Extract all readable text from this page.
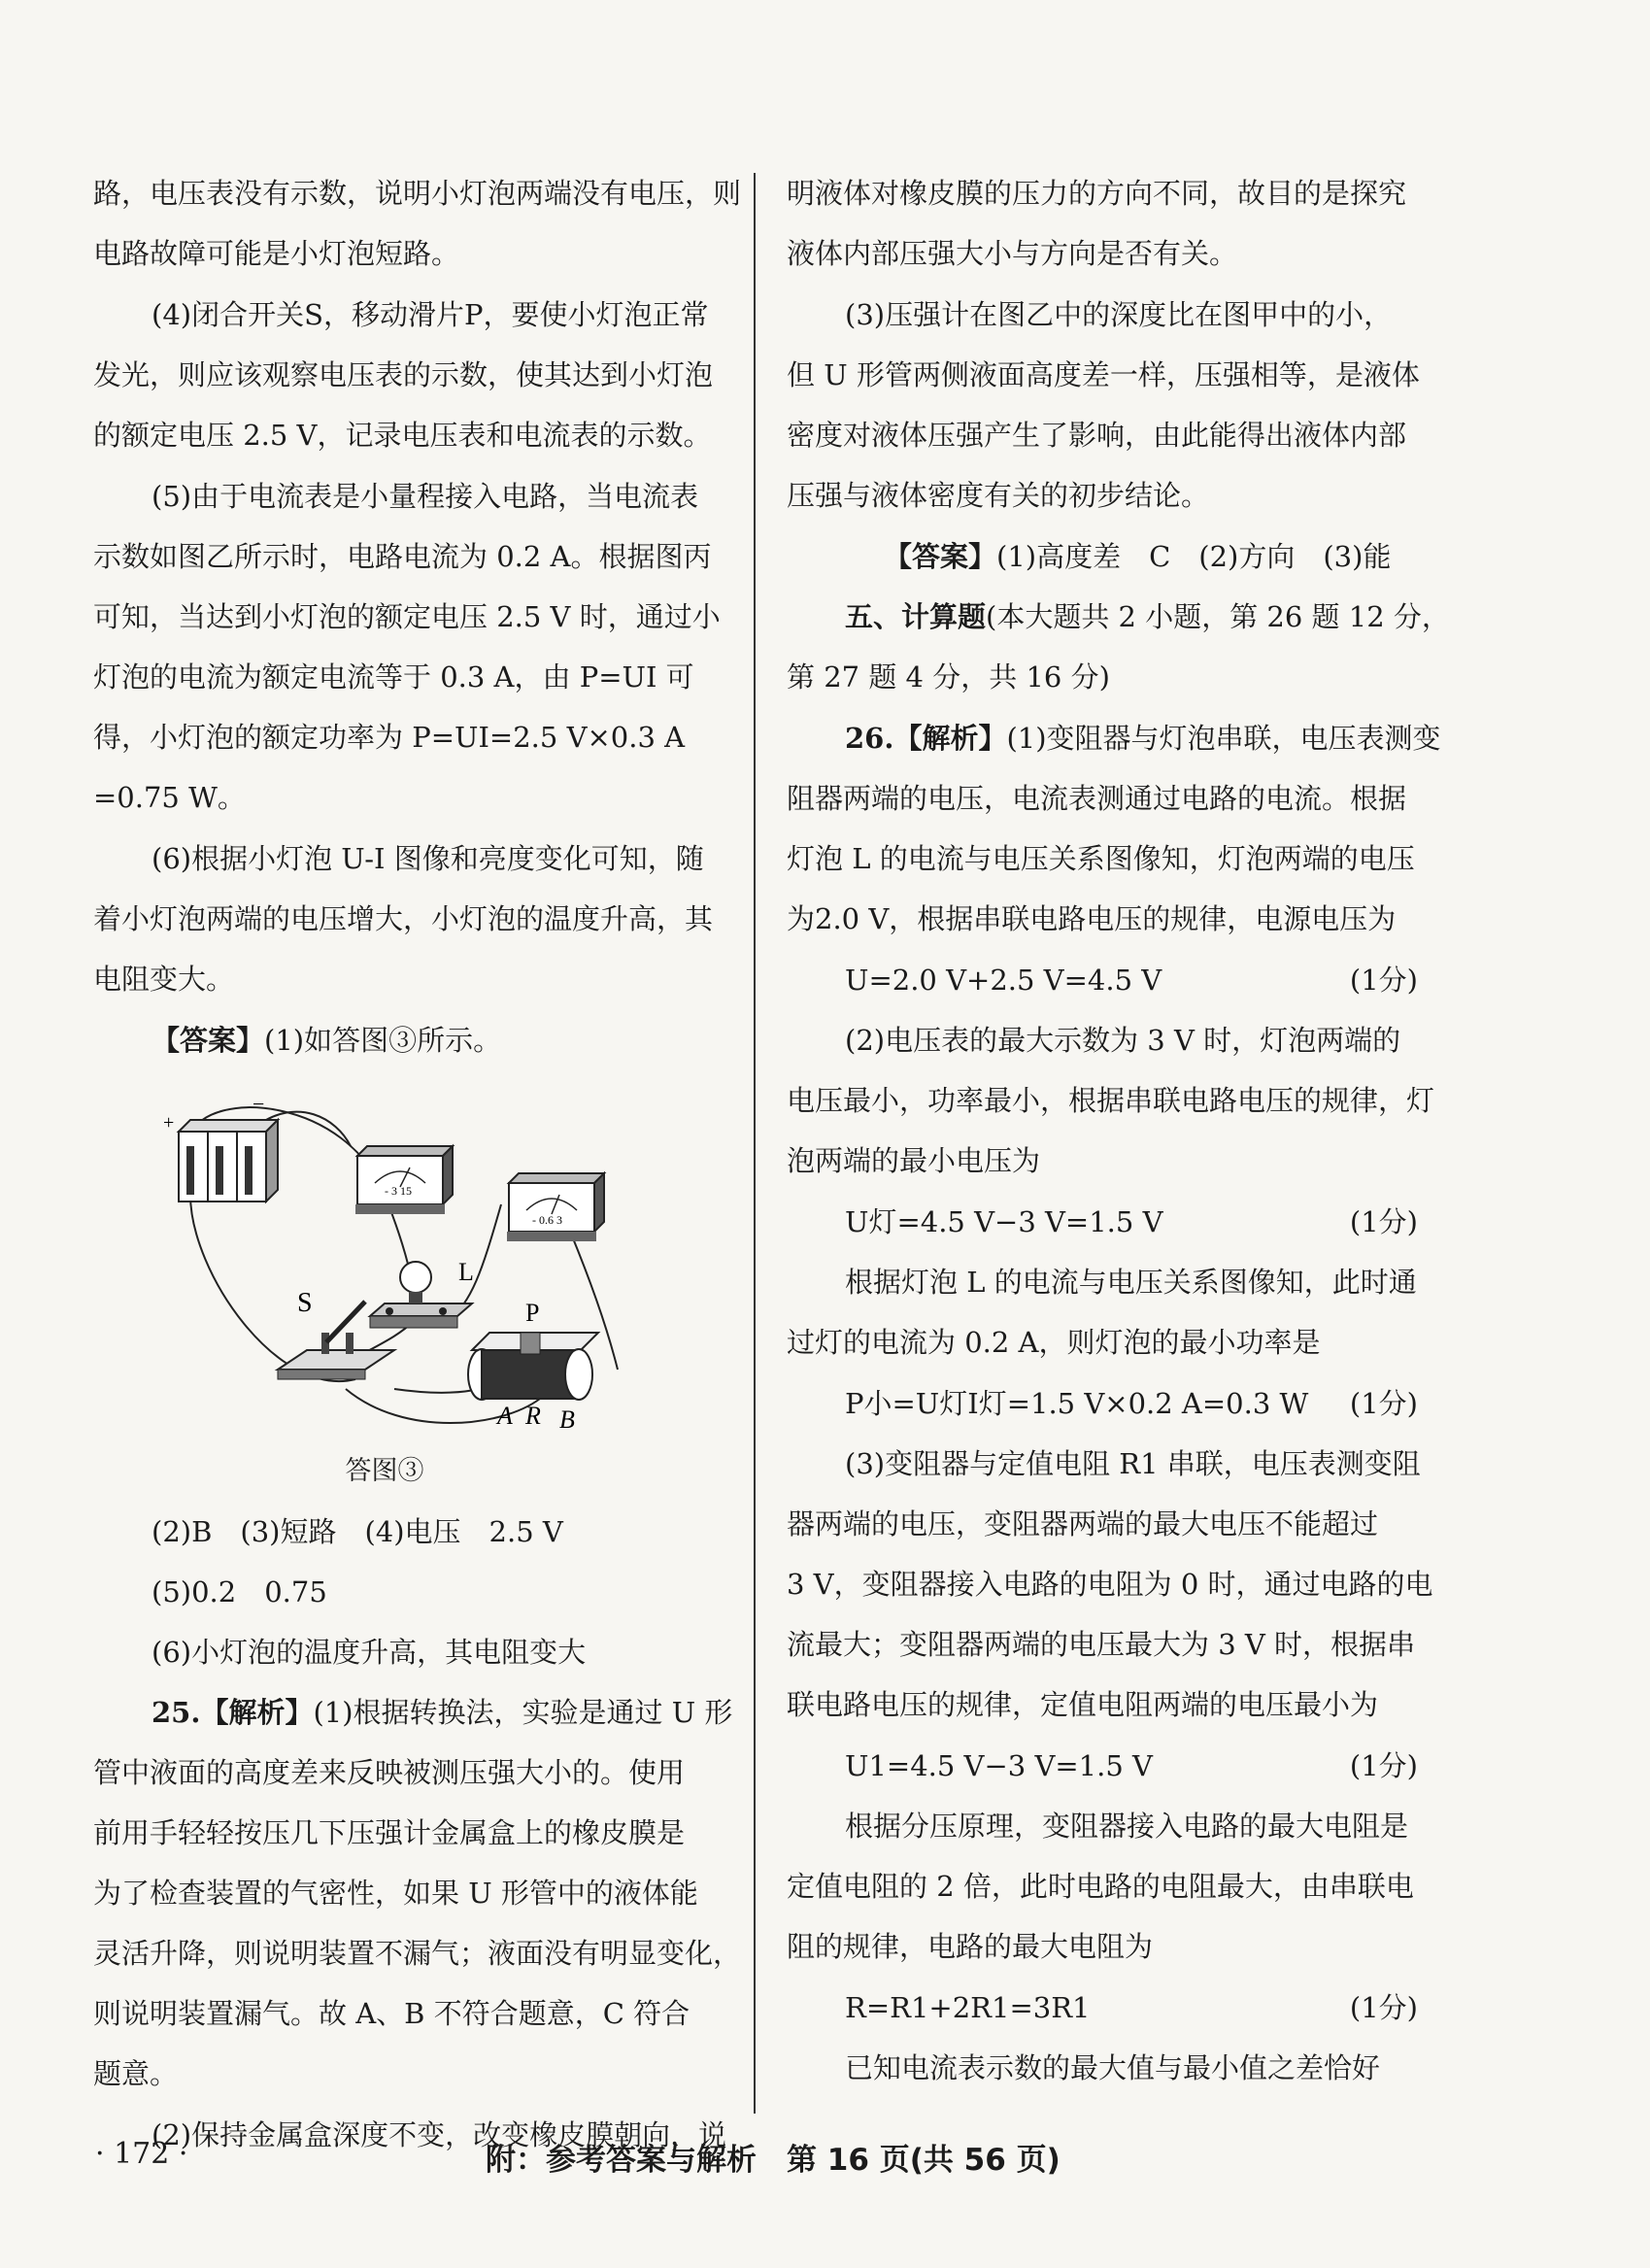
路，电压表没有示数，说明小灯泡两端没有电压，则
电路故障可能是小灯泡短路。
(4)闭合开关S，移动滑片P，要使小灯泡正常
发光，则应该观察电压表的示数，使其达到小灯泡
的额定电压 2.5 V，记录电压表和电流表的示数。
(5)由于电流表是小量程接入电路，当电流表
示数如图乙所示时，电路电流为 0.2 A。根据图丙
可知，当达到小灯泡的额定电压 2.5 V 时，通过小
灯泡的电流为额定电流等于 0.3 A，由 P=UI 可
得，小灯泡的额定功率为 P=UI=2.5 V×0.3 A
=0.75 W。
(6)根据小灯泡 U-I 图像和亮度变化可知，随
着小灯泡两端的电压增大，小灯泡的温度升高，其
电阻变大。
【答案】(1)如答图③所示。
+
−
- 3 15
- 0.6 3
L
S	P
A R B
答图③
(2)B　(3)短路　(4)电压　2.5 V
(5)0.2　0.75
(6)小灯泡的温度升高，其电阻变大
25.【解析】(1)根据转换法，实验是通过 U 形
管中液面的高度差来反映被测压强大小的。使用
前用手轻轻按压几下压强计金属盒上的橡皮膜是
为了检查装置的气密性，如果 U 形管中的液体能
灵活升降，则说明装置不漏气；液面没有明显变化，
则说明装置漏气。故 A、B 不符合题意，C 符合
题意。
(2)保持金属盒深度不变，改变橡皮膜朝向，说
明液体对橡皮膜的压力的方向不同，故目的是探究
液体内部压强大小与方向是否有关。
(3)压强计在图乙中的深度比在图甲中的小，
但 U 形管两侧液面高度差一样，压强相等，是液体
密度对液体压强产生了影响，由此能得出液体内部
压强与液体密度有关的初步结论。
【答案】(1)高度差　C　(2)方向　(3)能
五、计算题(本大题共 2 小题，第 26 题 12 分，
第 27 题 4 分，共 16 分)
26.【解析】(1)变阻器与灯泡串联，电压表测变
阻器两端的电压，电流表测通过电路的电流。根据
灯泡 L 的电流与电压关系图像知，灯泡两端的电压
为2.0 V，根据串联电路电压的规律，电源电压为
U=2.0 V+2.5 V=4.5 V	(1分)
(2)电压表的最大示数为 3 V 时，灯泡两端的
电压最小，功率最小，根据串联电路电压的规律，灯
泡两端的最小电压为
U灯=4.5 V−3 V=1.5 V	(1分)
根据灯泡 L 的电流与电压关系图像知，此时通
过灯的电流为 0.2 A，则灯泡的最小功率是
P小=U灯I灯=1.5 V×0.2 A=0.3 W (1分)
(3)变阻器与定值电阻 R1 串联，电压表测变阻
器两端的电压，变阻器两端的最大电压不能超过
3 V，变阻器接入电路的电阻为 0 时，通过电路的电
流最大；变阻器两端的电压最大为 3 V 时，根据串
联电路电压的规律，定值电阻两端的电压最小为
U1=4.5 V−3 V=1.5 V	(1分)
根据分压原理，变阻器接入电路的最大电阻是
定值电阻的 2 倍，此时电路的电阻最大，由串联电
阻的规律，电路的最大电阻为
R=R1+2R1=3R1	(1分)
已知电流表示数的最大值与最小值之差恰好
· 172 ·	附：参考答案与解析　第 16 页(共 56 页)
